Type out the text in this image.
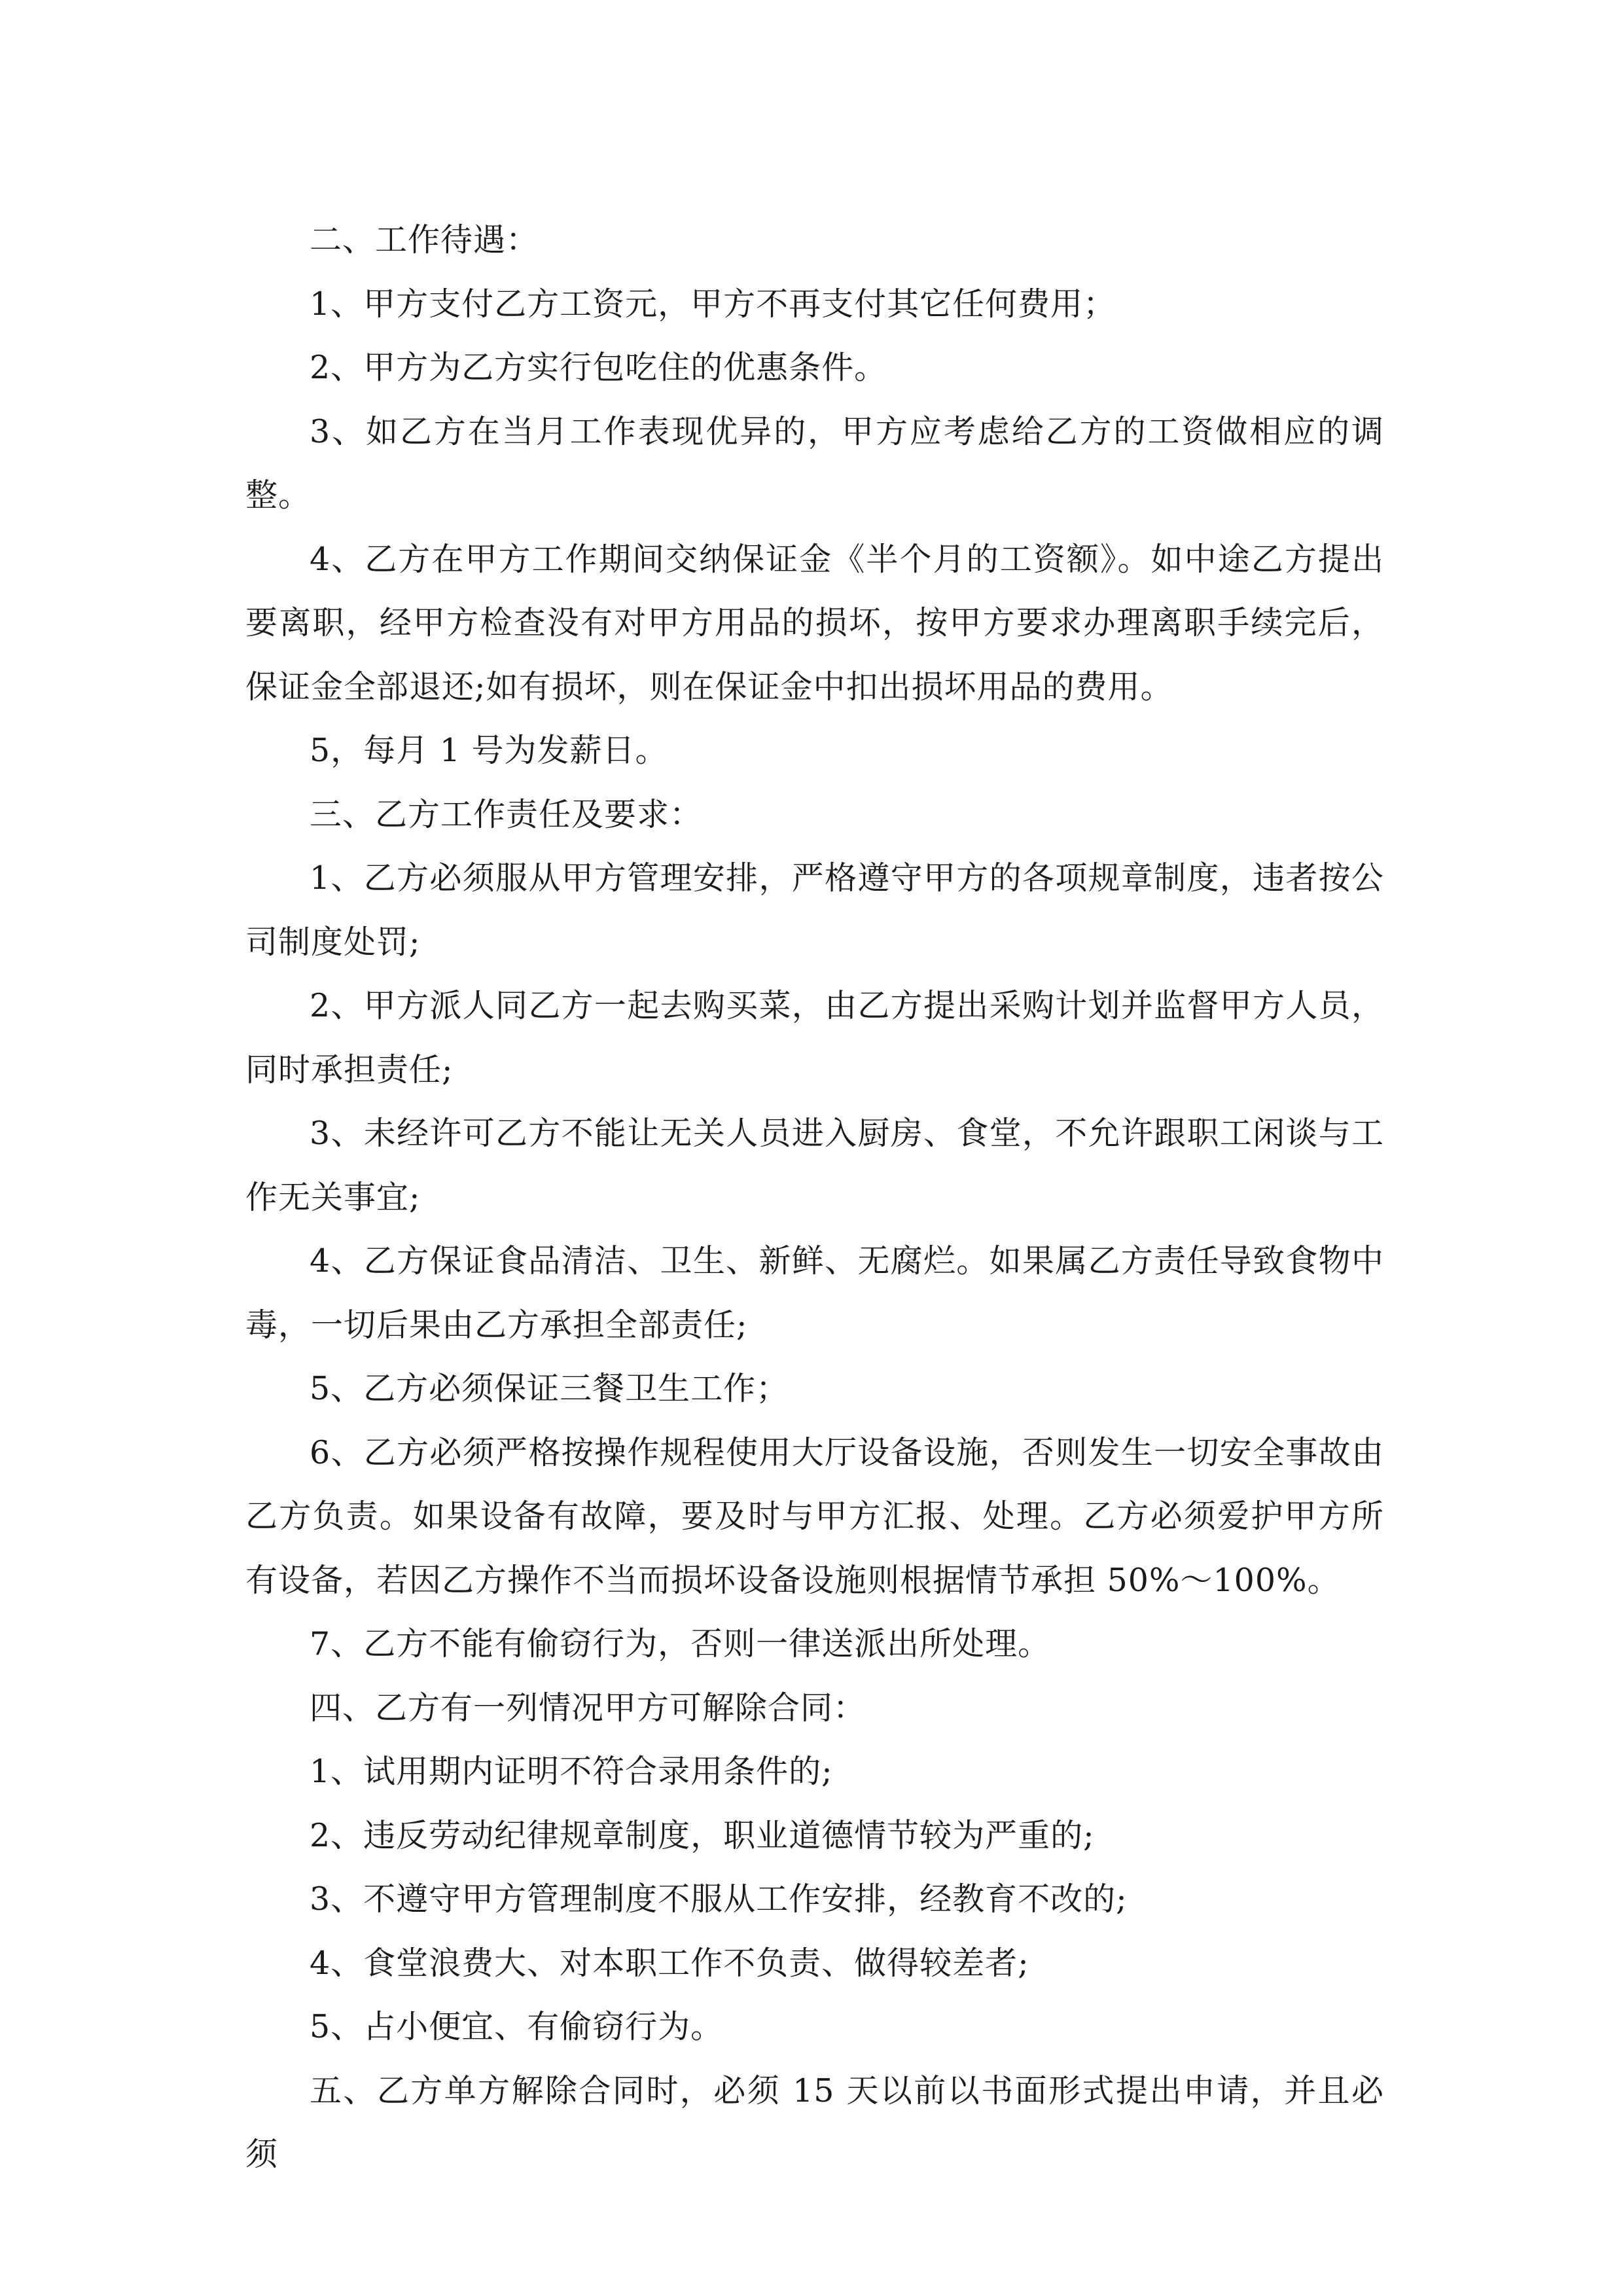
二、工作待遇：

1、甲方支付乙方工资元，甲方不再支付其它任何费用；

2、甲方为乙方实行包吃住的优惠条件。

3、如乙方在当月工作表现优异的，甲方应考虑给乙方的工资做相应的调整。

4、乙方在甲方工作期间交纳保证金《半个月的工资额》。如中途乙方提出要离职，经甲方检查没有对甲方用品的损坏，按甲方要求办理离职手续完后，保证金全部退还;如有损坏，则在保证金中扣出损坏用品的费用。

5，每月 1 号为发薪日。

三、乙方工作责任及要求：

1、乙方必须服从甲方管理安排，严格遵守甲方的各项规章制度，违者按公司制度处罚;

2、甲方派人同乙方一起去购买菜，由乙方提出采购计划并监督甲方人员，同时承担责任;

3、未经许可乙方不能让无关人员进入厨房、食堂，不允许跟职工闲谈与工作无关事宜;

4、乙方保证食品清洁、卫生、新鲜、无腐烂。如果属乙方责任导致食物中毒，一切后果由乙方承担全部责任;

5、乙方必须保证三餐卫生工作；

6、乙方必须严格按操作规程使用大厅设备设施，否则发生一切安全事故由乙方负责。如果设备有故障，要及时与甲方汇报、处理。乙方必须爱护甲方所有设备，若因乙方操作不当而损坏设备设施则根据情节承担 50%～100%。

7、乙方不能有偷窃行为，否则一律送派出所处理。

四、乙方有一列情况甲方可解除合同：

1、试用期内证明不符合录用条件的;

2、违反劳动纪律规章制度，职业道德情节较为严重的;

3、不遵守甲方管理制度不服从工作安排，经教育不改的;

4、食堂浪费大、对本职工作不负责、做得较差者;

5、占小便宜、有偷窃行为。

五、乙方单方解除合同时，必须 15 天以前以书面形式提出申请，并且必须
